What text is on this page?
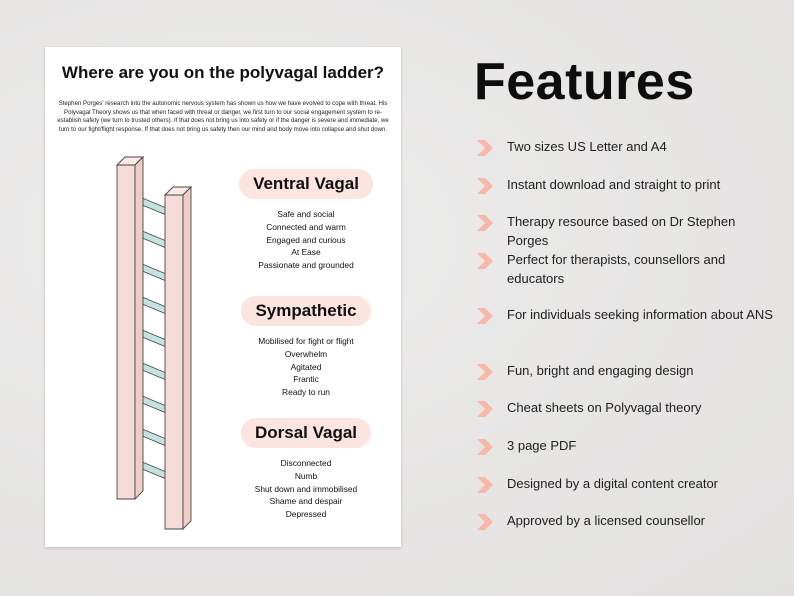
Where are you on the polyvagal ladder?
Stephen Porges' research into the autonomic nervous system has shown us how we have evolved to cope with threat. His Polyvagal Theory shows us that when faced with threat or danger, we first turn to our social engagement system to re-establish safety (we turn to trusted others). If that does not bring us into safety or if the danger is severe and immediate, we turn to our fight/flight response. If that does not bring us safety then our mind and body move into collapse and shut down.
Ventral Vagal
Safe and social
Connected and warm
Engaged and curious
At Ease
Passionate and grounded
Sympathetic
Mobilised for fight or flight
Overwhelm
Agitated
Frantic
Ready to run
Dorsal Vagal
Disconnected
Numb
Shut down and immobilised
Shame and despair
Depressed
Features
Two sizes US Letter and A4
Instant download and straight to print
Therapy resource based on Dr Stephen Porges
Perfect for therapists, counsellors and educators
For individuals seeking information about ANS
Fun, bright and engaging design
Cheat sheets on Polyvagal theory
3 page PDF
Designed by a digital content creator
Approved by a licensed counsellor
